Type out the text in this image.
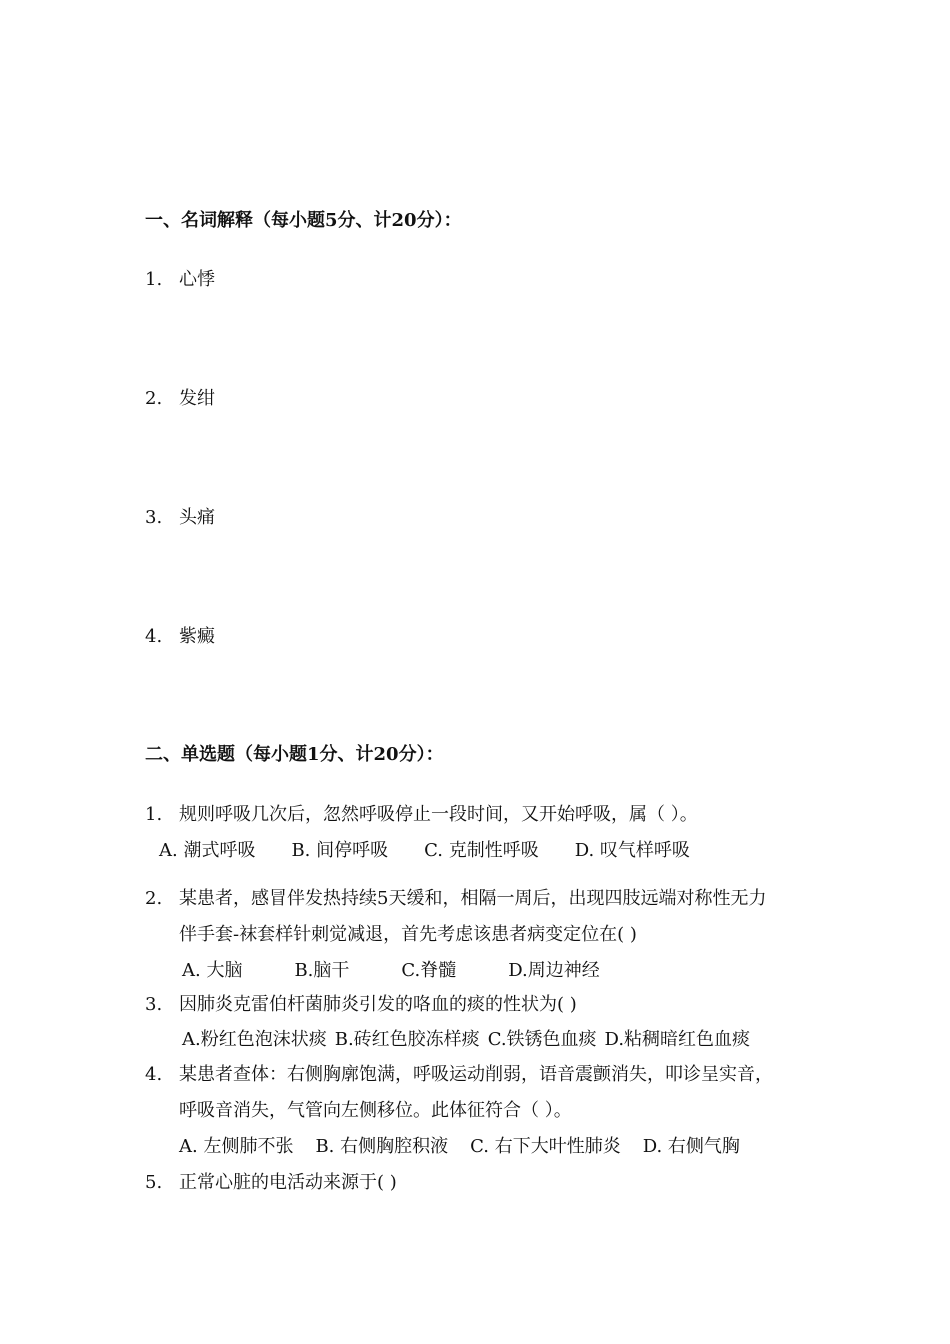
一、名词解释（每小题5分、计20分）：
1. 心悸
2. 发绀
3. 头痛
4. 紫癜
二、单选题（每小题1分、计20分）：
1. 规则呼吸几次后，忽然呼吸停止一段时间，又开始呼吸，属（ ）。
A. 潮式呼吸 B. 间停呼吸 C. 克制性呼吸 D. 叹气样呼吸
2. 某患者，感冒伴发热持续5天缓和，相隔一周后，出现四肢远端对称性无力
伴手套-袜套样针刺觉减退，首先考虑该患者病变定位在( )
A. 大脑	B.脑干	C.脊髓	D.周边神经
3. 因肺炎克雷伯杆菌肺炎引发的咯血的痰的性状为( )
A.粉红色泡沫状痰 B.砖红色胶冻样痰 C.铁锈色血痰 D.粘稠暗红色血痰
4. 某患者查体：右侧胸廓饱满，呼吸运动削弱，语音震颤消失，叩诊呈实音，
呼吸音消失，气管向左侧移位。此体征符合（ ）。
A. 左侧肺不张 B. 右侧胸腔积液 C. 右下大叶性肺炎 D. 右侧气胸
5. 正常心脏的电活动来源于( )
